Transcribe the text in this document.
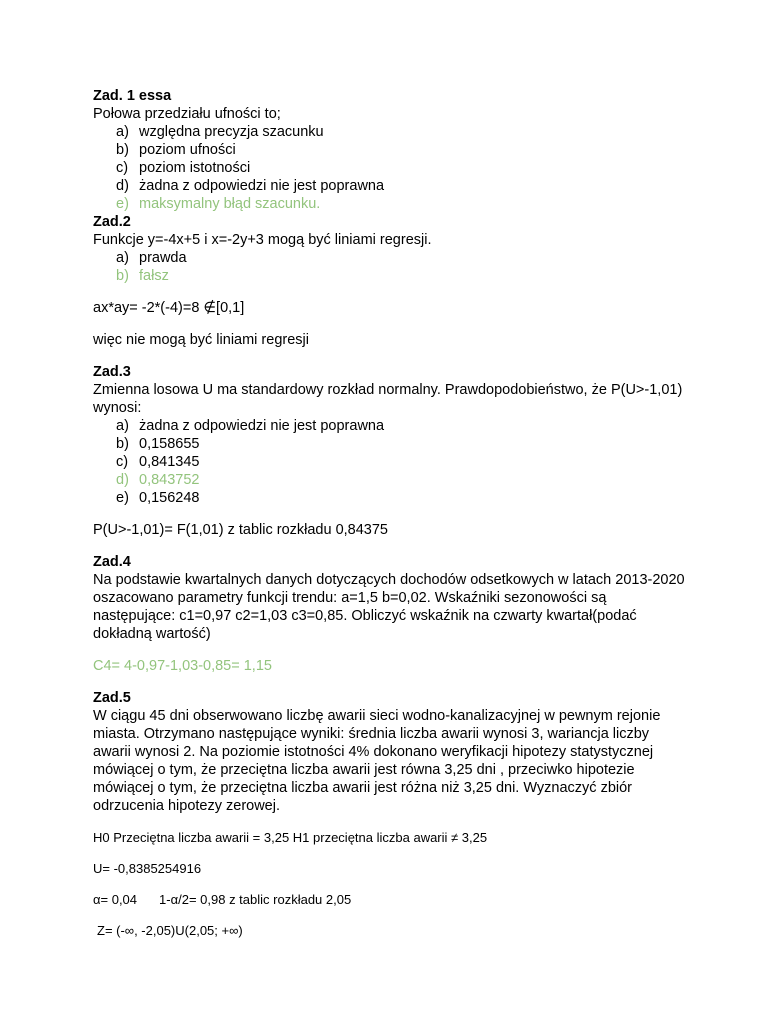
Zad. 1 essa
Połowa przedziału ufności to;
a) względna precyzja szacunku
b) poziom ufności
c) poziom istotności
d) żadna z odpowiedzi nie jest poprawna
e) maksymalny błąd szacunku.
Zad.2
Funkcje y=-4x+5 i x=-2y+3 mogą być liniami regresji.
a) prawda
b) fałsz
ax*ay= -2*(-4)=8 ∉[0,1]
więc nie mogą być liniami regresji
Zad.3
Zmienna losowa U ma standardowy rozkład normalny. Prawdopodobieństwo, że P(U>-1,01)
wynosi:
a) żadna z odpowiedzi nie jest poprawna
b) 0,158655
c) 0,841345
d) 0,843752
e) 0,156248
P(U>-1,01)= F(1,01) z tablic rozkładu 0,84375
Zad.4
Na podstawie kwartalnych danych dotyczących dochodów odsetkowych w latach 2013-2020
oszacowano parametry funkcji trendu: a=1,5 b=0,02. Wskaźniki sezonowości są
następujące: c1=0,97 c2=1,03 c3=0,85. Obliczyć wskaźnik na czwarty kwartał(podać
dokładną wartość)
C4= 4-0,97-1,03-0,85= 1,15
Zad.5
W ciągu 45 dni obserwowano liczbę awarii sieci wodno-kanalizacyjnej w pewnym rejonie
miasta. Otrzymano następujące wyniki: średnia liczba awarii wynosi 3, wariancja liczby
awarii wynosi 2. Na poziomie istotności 4% dokonano weryfikacji hipotezy statystycznej
mówiącej o tym, że przeciętna liczba awarii jest równa 3,25 dni , przeciwko hipotezie
mówiącej o tym, że przeciętna liczba awarii jest różna niż 3,25 dni. Wyznaczyć zbiór
odrzucenia hipotezy zerowej.
H0 Przeciętna liczba awarii = 3,25 H1 przeciętna liczba awarii ≠ 3,25
U= -0,8385254916
α= 0,04 1-α/2= 0,98 z tablic rozkładu 2,05
Z= (-∞, -2,05)U(2,05; +∞)
